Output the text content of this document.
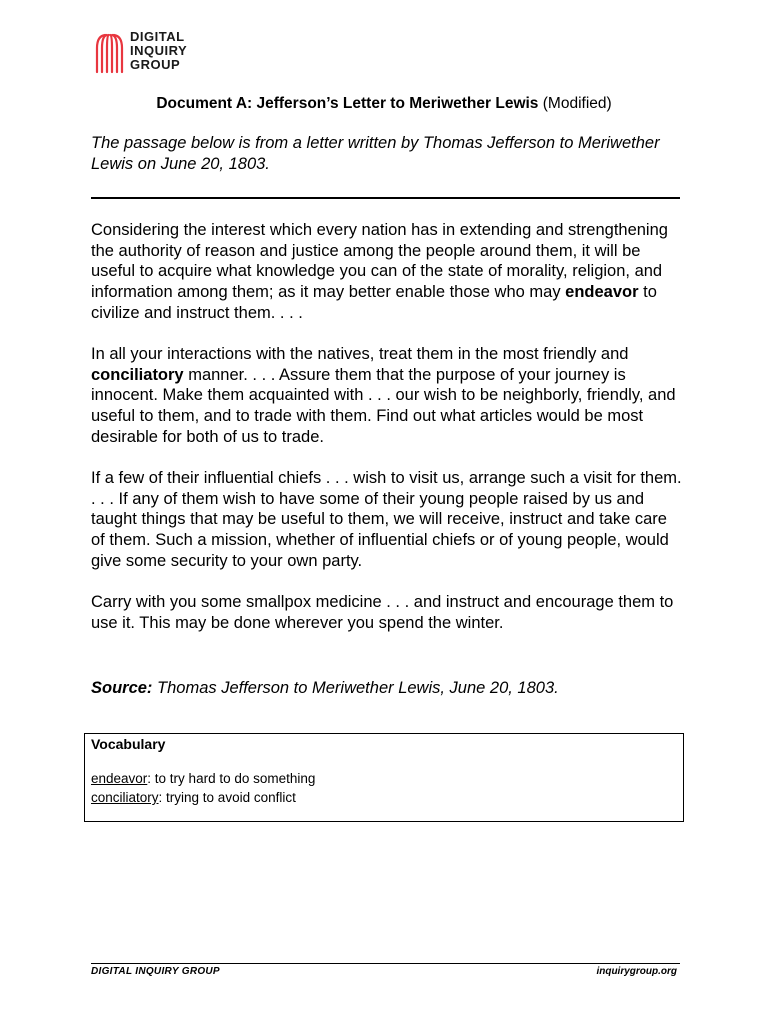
DIGITAL
INQUIRY
GROUP
Document A: Jefferson’s Letter to Meriwether Lewis (Modified)
The passage below is from a letter written by Thomas Jefferson to Meriwether Lewis on June 20, 1803.

Considering the interest which every nation has in extending and strengthening the authority of reason and justice among the people around them, it will be useful to acquire what knowledge you can of the state of morality, religion, and information among them; as it may better enable those who may endeavor to civilize and instruct them. . . .

In all your interactions with the natives, treat them in the most friendly and conciliatory manner. . . . Assure them that the purpose of your journey is innocent. Make them acquainted with . . . our wish to be neighborly, friendly, and useful to them, and to trade with them. Find out what articles would be most desirable for both of us to trade.

If a few of their influential chiefs . . . wish to visit us, arrange such a visit for them. . . . If any of them wish to have some of their young people raised by us and taught things that may be useful to them, we will receive, instruct and take care of them. Such a mission, whether of influential chiefs or of young people, would give some security to your own party.

Carry with you some smallpox medicine . . . and instruct and encourage them to use it. This may be done wherever you spend the winter.

Source: Thomas Jefferson to Meriwether Lewis, June 20, 1803.
Vocabulary
endeavor: to try hard to do something
conciliatory: trying to avoid conflict
DIGITAL INQUIRY GROUP	inquirygroup.org
